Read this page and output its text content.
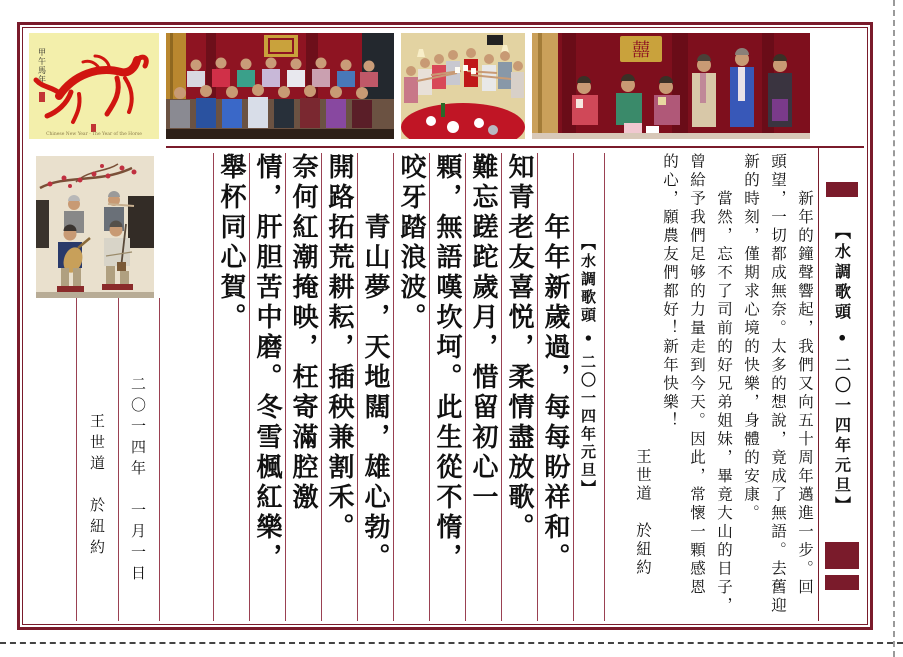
甲午馬年
Chinese New Year · The Year of the Horse
囍
王世道　於紐約	二〇一四年　一月一日	　　新年的鐘聲響起，我們又向五十周年邁進一步。回
頭望，一切都成無奈。太多的想說，竟成了無語。去舊迎
新的時刻，僅期求心境的快樂，身體的安康。
　　當然，忘不了司前的好兄弟姐妹，畢竟大山的日子，
曾給予我們足够的力量走到今天。因此，常懷一顆感恩
的心，願農友們都好！新年快樂！
王世道　於紐約
【水調歌頭 • 二〇一四年元旦】
　　年年新歲過，每每盼祥和。
知青老友喜悦，柔情盡放歌。
難忘蹉跎歲月，惜留初心一
顆，無語嘆坎坷。此生從不惰，
咬牙踏浪波。
　　青山夢，天地闊，雄心勃。
開路拓荒耕耘，插秧兼割禾。
奈何紅潮掩映，枉寄滿腔激
情，肝胆苦中磨。冬雪楓紅樂，
舉杯同心賀。	【水調歌頭 • 二〇一四年元旦】
